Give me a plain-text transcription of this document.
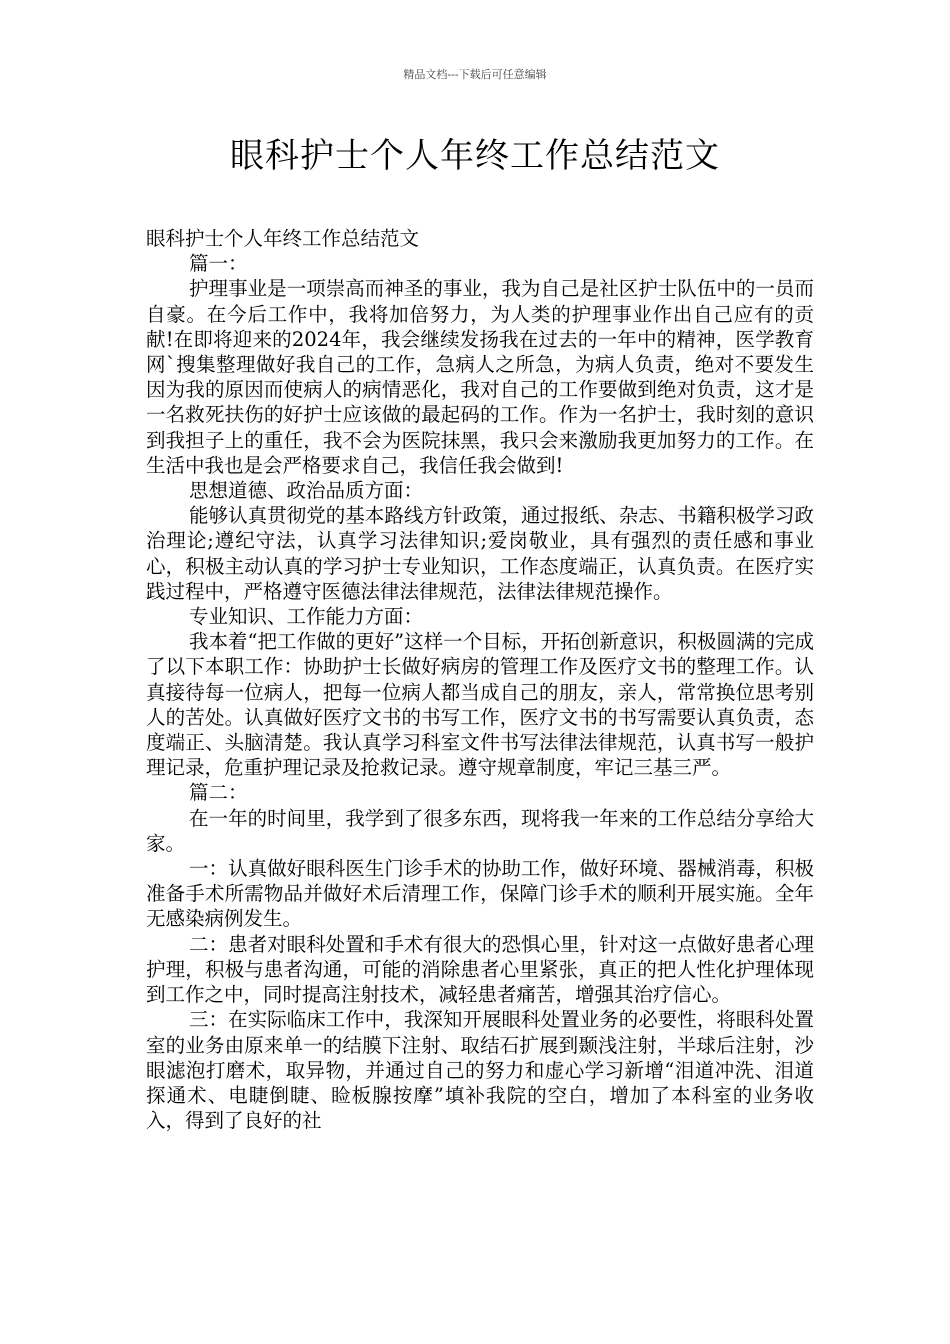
精品文档---下载后可任意编辑
眼科护士个人年终工作总结范文

眼科护士个人年终工作总结范文

篇一：

护理事业是一项崇高而神圣的事业，我为自己是社区护士队伍中的一员而自豪。在今后工作中，我将加倍努力，为人类的护理事业作出自己应有的贡献!在即将迎来的2024年，我会继续发扬我在过去的一年中的精神，医学教育网`搜集整理做好我自己的工作，急病人之所急，为病人负责，绝对不要发生因为我的原因而使病人的病情恶化，我对自己的工作要做到绝对负责，这才是一名救死扶伤的好护士应该做的最起码的工作。作为一名护士，我时刻的意识到我担子上的重任，我不会为医院抹黑，我只会来激励我更加努力的工作。在生活中我也是会严格要求自己，我信任我会做到!

思想道德、政治品质方面：

能够认真贯彻党的基本路线方针政策，通过报纸、杂志、书籍积极学习政治理论;遵纪守法，认真学习法律知识;爱岗敬业，具有强烈的责任感和事业心，积极主动认真的学习护士专业知识，工作态度端正，认真负责。在医疗实践过程中，严格遵守医德法律法律规范，法律法律规范操作。

专业知识、工作能力方面：

我本着“把工作做的更好”这样一个目标，开拓创新意识，积极圆满的完成了以下本职工作：协助护士长做好病房的管理工作及医疗文书的整理工作。认真接待每一位病人，把每一位病人都当成自己的朋友，亲人，常常换位思考别人的苦处。认真做好医疗文书的书写工作，医疗文书的书写需要认真负责，态度端正、头脑清楚。我认真学习科室文件书写法律法律规范，认真书写一般护理记录，危重护理记录及抢救记录。遵守规章制度，牢记三基三严。

篇二：

在一年的时间里，我学到了很多东西，现将我一年来的工作总结分享给大家。

一：认真做好眼科医生门诊手术的协助工作，做好环境、器械消毒，积极准备手术所需物品并做好术后清理工作，保障门诊手术的顺利开展实施。全年无感染病例发生。

二：患者对眼科处置和手术有很大的恐惧心里，针对这一点做好患者心理护理，积极与患者沟通，可能的消除患者心里紧张，真正的把人性化护理体现到工作之中，同时提高注射技术，减轻患者痛苦，增强其治疗信心。

三：在实际临床工作中，我深知开展眼科处置业务的必要性，将眼科处置室的业务由原来单一的结膜下注射、取结石扩展到颞浅注射，半球后注射，沙眼滤泡打磨术，取异物，并通过自己的努力和虚心学习新增“泪道冲洗、泪道探通术、电睫倒睫、睑板腺按摩”填补我院的空白，增加了本科室的业务收入，得到了良好的社
